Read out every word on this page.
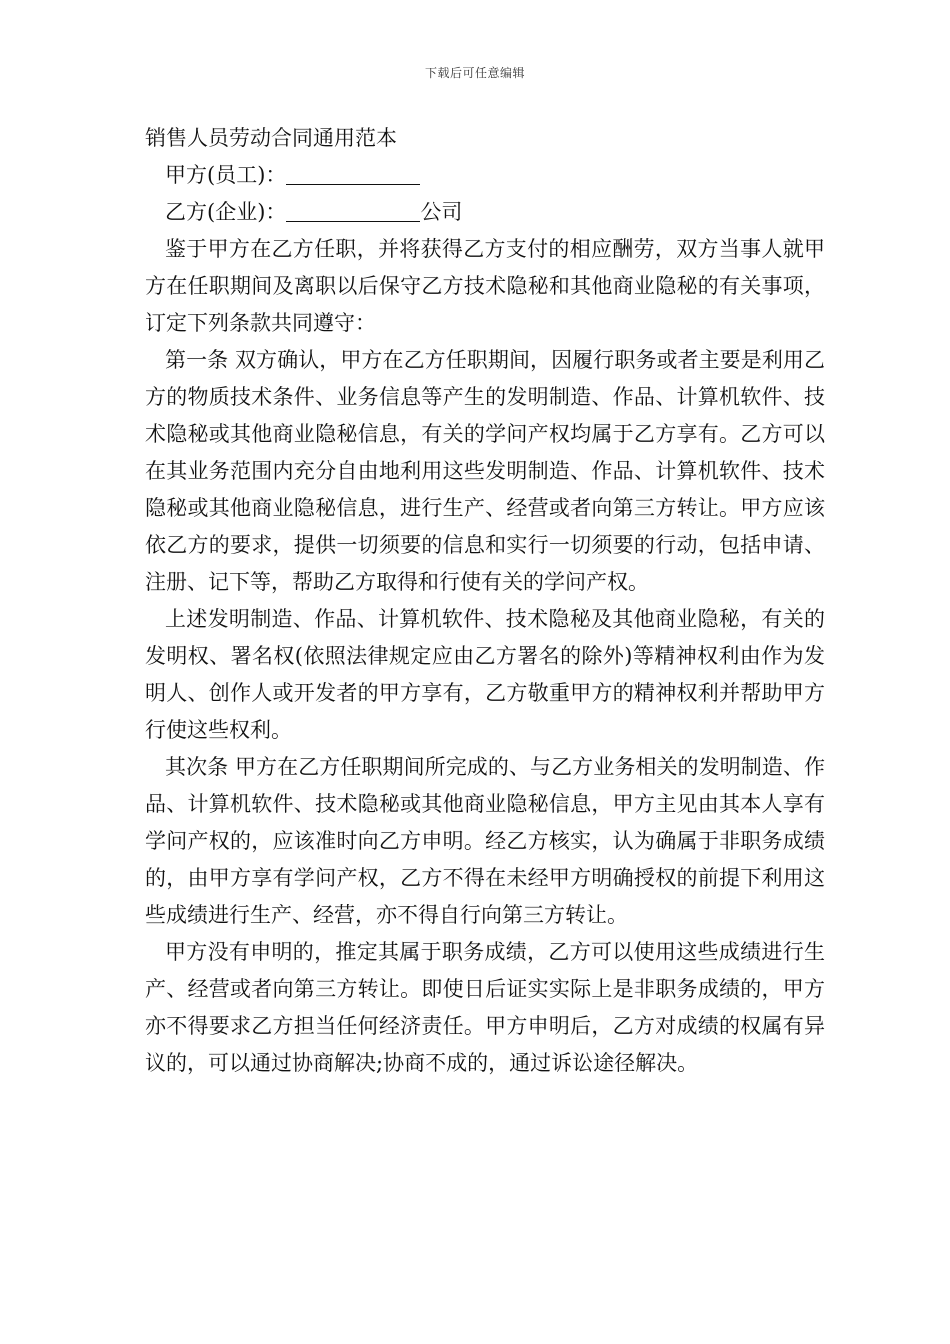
下载后可任意编辑

销售人员劳动合同通用范本

甲方(员工)：

乙方(企业)：	公司

鉴于甲方在乙方任职，并将获得乙方支付的相应酬劳，双方当事人就甲方在任职期间及离职以后保守乙方技术隐秘和其他商业隐秘的有关事项，订定下列条款共同遵守：

第一条 双方确认，甲方在乙方任职期间，因履行职务或者主要是利用乙方的物质技术条件、业务信息等产生的发明制造、作品、计算机软件、技术隐秘或其他商业隐秘信息，有关的学问产权均属于乙方享有。乙方可以在其业务范围内充分自由地利用这些发明制造、作品、计算机软件、技术隐秘或其他商业隐秘信息，进行生产、经营或者向第三方转让。甲方应该依乙方的要求，提供一切须要的信息和实行一切须要的行动，包括申请、注册、记下等，帮助乙方取得和行使有关的学问产权。

上述发明制造、作品、计算机软件、技术隐秘及其他商业隐秘，有关的发明权、署名权(依照法律规定应由乙方署名的除外)等精神权利由作为发明人、创作人或开发者的甲方享有，乙方敬重甲方的精神权利并帮助甲方行使这些权利。

其次条 甲方在乙方任职期间所完成的、与乙方业务相关的发明制造、作品、计算机软件、技术隐秘或其他商业隐秘信息，甲方主见由其本人享有学问产权的，应该准时向乙方申明。经乙方核实，认为确属于非职务成绩的，由甲方享有学问产权，乙方不得在未经甲方明确授权的前提下利用这些成绩进行生产、经营，亦不得自行向第三方转让。

甲方没有申明的，推定其属于职务成绩，乙方可以使用这些成绩进行生产、经营或者向第三方转让。即使日后证实实际上是非职务成绩的，甲方亦不得要求乙方担当任何经济责任。甲方申明后，乙方对成绩的权属有异议的，可以通过协商解决;协商不成的，通过诉讼途径解决。
